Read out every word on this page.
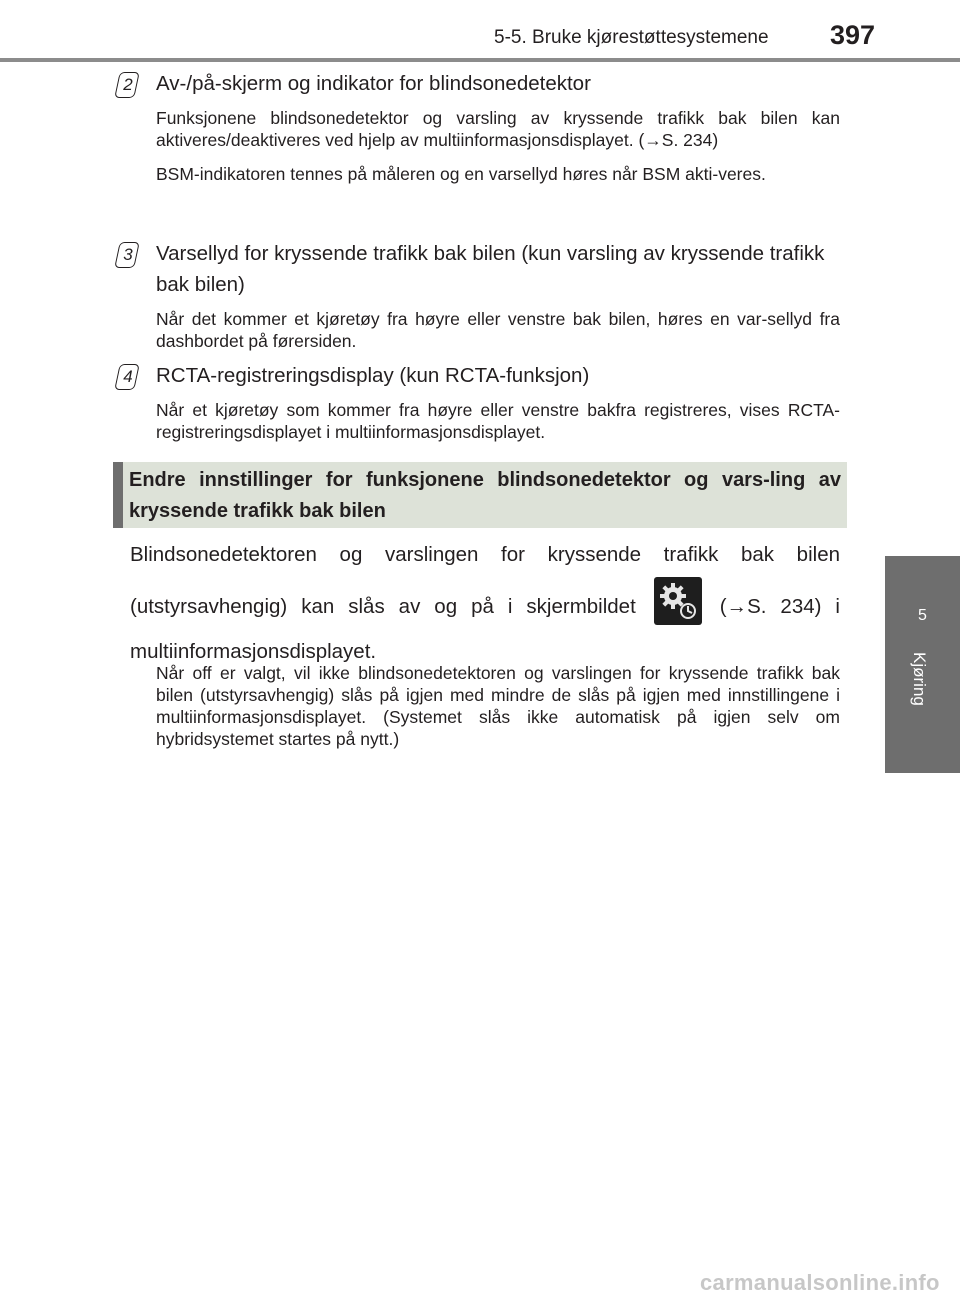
5-5. Bruke kjørestøttesystemene 397
5
Kjøring
2	Av-/på-skjerm og indikator for blindsonedetektor

Funksjonene blindsonedetektor og varsling av kryssende trafikk bak bilen kan aktiveres/deaktiveres ved hjelp av multiinformasjonsdisplayet. (→S. 234)

BSM-indikatoren tennes på måleren og en varsellyd høres når BSM akti-veres.

3	Varsellyd for kryssende trafikk bak bilen (kun varsling av kryssende trafikk bak bilen)

Når det kommer et kjøretøy fra høyre eller venstre bak bilen, høres en var-sellyd fra dashbordet på førersiden.

4	RCTA-registreringsdisplay (kun RCTA-funksjon)

Når et kjøretøy som kommer fra høyre eller venstre bakfra registreres, vises RCTA-registreringsdisplayet i multiinformasjonsdisplayet.

Endre innstillinger for funksjonene blindsonedetektor og vars-ling av kryssende trafikk bak bilen

Blindsonedetektoren og varslingen for kryssende trafikk bak bilen (utstyrsavhengig) kan slås av og på i skjermbildet	(→S. 234) i multiinformasjonsdisplayet.

Når off er valgt, vil ikke blindsonedetektoren og varslingen for kryssende trafikk bak bilen (utstyrsavhengig) slås på igjen med mindre de slås på igjen med innstillingene i multiinformasjonsdisplayet. (Systemet slås ikke automatisk på igjen selv om hybridsystemet startes på nytt.)

carmanualsonline.info
